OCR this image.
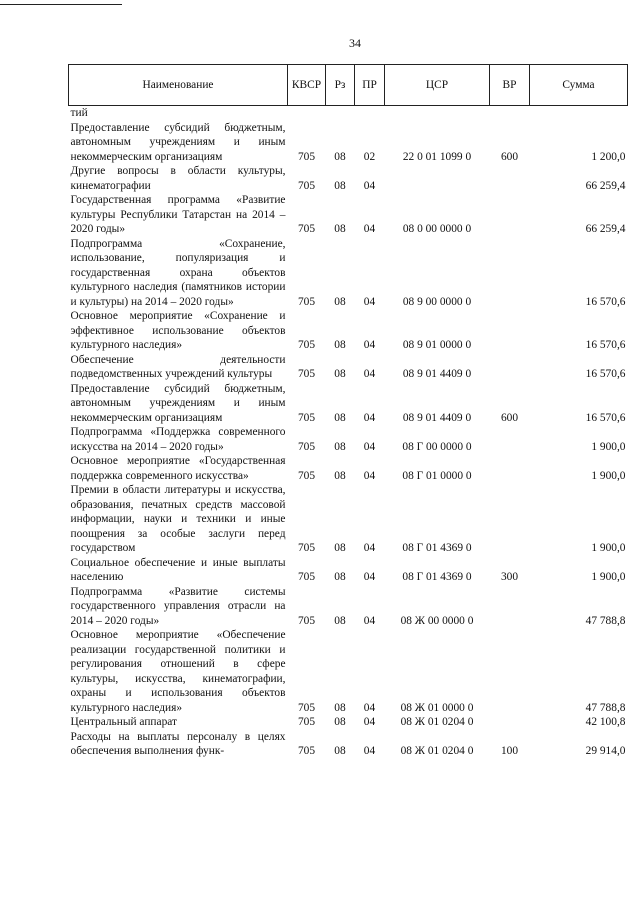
34
Наименование	КВСР	Рз	ПР	ЦСР	ВР	Сумма
тий						
Предоставление субсидий бюджетным, автономным учреждениям и иным некоммерческим организациям	705	08	02	22 0 01 1099 0	600	1 200,0
Другие вопросы в области культуры, кинематографии	705	08	04			66 259,4
Государственная программа «Развитие культуры Республики Татарстан на 2014 – 2020 годы»	705	08	04	08 0 00 0000 0		66 259,4
Подпрограмма «Сохранение, использование, популяризация и государственная охрана объектов культурного наследия (памятников истории и культуры) на 2014 – 2020 годы»	705	08	04	08 9 00 0000 0		16 570,6
Основное мероприятие «Сохранение и эффективное использование объектов культурного наследия»	705	08	04	08 9 01 0000 0		16 570,6
Обеспечение деятельности подведомственных учреждений культуры	705	08	04	08 9 01 4409 0		16 570,6
Предоставление субсидий бюджетным, автономным учреждениям и иным некоммерческим организациям	705	08	04	08 9 01 4409 0	600	16 570,6
Подпрограмма «Поддержка современного искусства на 2014 – 2020 годы»	705	08	04	08 Г 00 0000 0		1 900,0
Основное мероприятие «Государственная поддержка современного искусства»	705	08	04	08 Г 01 0000 0		1 900,0
Премии в области литературы и искусства, образования, печатных средств массовой информации, науки и техники и иные поощрения за особые заслуги перед государством	705	08	04	08 Г 01 4369 0		1 900,0
Социальное обеспечение и иные выплаты населению	705	08	04	08 Г 01 4369 0	300	1 900,0
Подпрограмма «Развитие системы государственного управления отрасли на 2014 – 2020 годы»	705	08	04	08 Ж 00 0000 0		47 788,8
Основное мероприятие «Обеспечение реализации государственной политики и регулирования отношений в сфере культуры, искусства, кинематографии, охраны и использования объектов культурного наследия»	705	08	04	08 Ж 01 0000 0		47 788,8
Центральный аппарат	705	08	04	08 Ж 01 0204 0		42 100,8
Расходы на выплаты персоналу в целях обеспечения выполнения функ-	705	08	04	08 Ж 01 0204 0	100	29 914,0
